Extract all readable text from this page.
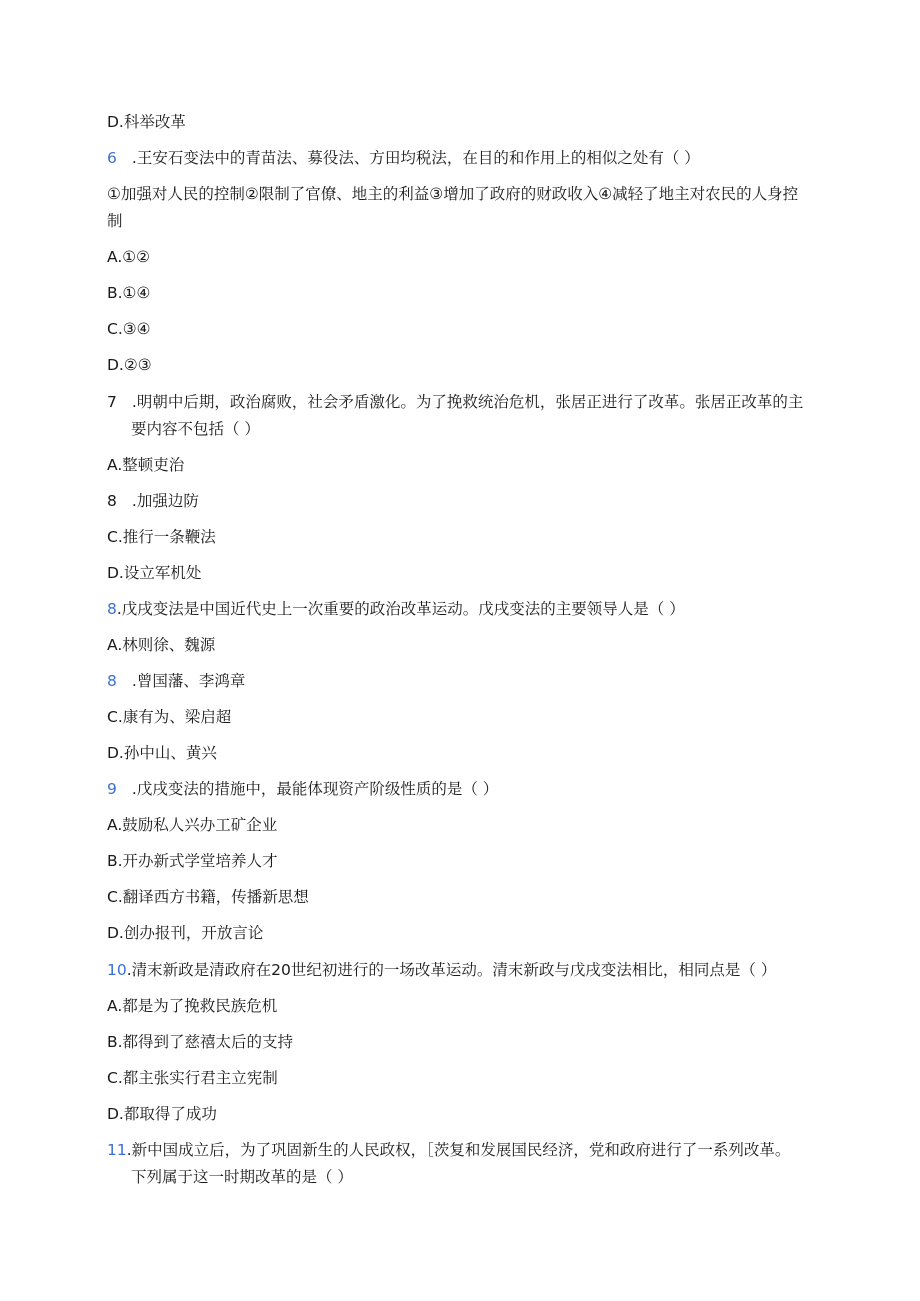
D.科举改革
6 .王安石变法中的青苗法、募役法、方田均税法，在目的和作用上的相似之处有（ ）
①加强对人民的控制②限制了官僚、地主的利益③增加了政府的财政收入④减轻了地主对农民的人身控
制
A.①②
B.①④
C.③④
D.②③
7 .明朝中后期，政治腐败，社会矛盾激化。为了挽救统治危机，张居正进行了改革。张居正改革的主
要内容不包括（ ）
A.整顿吏治
8 .加强边防
C.推行一条鞭法
D.设立军机处
8.戊戌变法是中国近代史上一次重要的政治改革运动。戊戌变法的主要领导人是（ ）
A.林则徐、魏源
8 .曾国藩、李鸿章
C.康有为、梁启超
D.孙中山、黄兴
9 .戊戌变法的措施中，最能体现资产阶级性质的是（ ）
A.鼓励私人兴办工矿企业
B.开办新式学堂培养人才
C.翻译西方书籍，传播新思想
D.创办报刊，开放言论
10.清末新政是清政府在20世纪初进行的一场改革运动。清末新政与戊戌变法相比，相同点是（ ）
A.都是为了挽救民族危机
B.都得到了慈禧太后的支持
C.都主张实行君主立宪制
D.都取得了成功
11.新中国成立后，为了巩固新生的人民政权，［茨复和发展国民经济，党和政府进行了一系列改革。
下列属于这一时期改革的是（ ）
